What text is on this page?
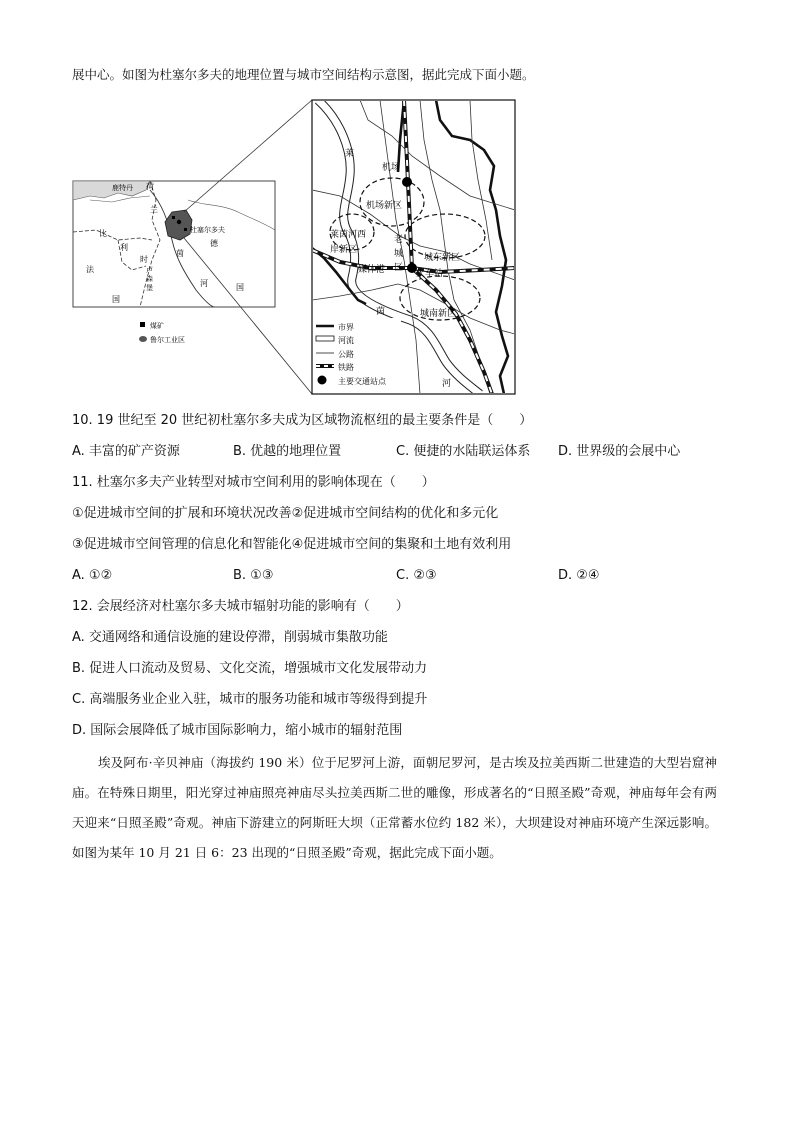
展中心。如图为杜塞尔多夫的地理位置与城市空间结构示意图，据此完成下面小题。
鹿特丹 荷
兰
比
利
时
法
国
卢
森
堡
杜塞尔多夫
德
茵
河	国
煤矿
鲁尔工业区
莱
机场
机场新区
莱茵河西
岸新区
老
城
区
媒体港	火车站
城东新区
城南新区
茵
河
市界
河流
公路
铁路
主要交通站点
10. 19 世纪至 20 世纪初杜塞尔多夫成为区域物流枢纽的最主要条件是（　　）
A. 丰富的矿产资源	B. 优越的地理位置	C. 便捷的水陆联运体系 D. 世界级的会展中心
11. 杜塞尔多夫产业转型对城市空间利用的影响体现在（　　）
①促进城市空间的扩展和环境状况改善②促进城市空间结构的优化和多元化
③促进城市空间管理的信息化和智能化④促进城市空间的集聚和土地有效利用
A. ①②	B. ①③	C. ②③	D. ②④
12. 会展经济对杜塞尔多夫城市辐射功能的影响有（　　）
A. 交通网络和通信设施的建设停滞，削弱城市集散功能
B. 促进人口流动及贸易、文化交流，增强城市文化发展带动力
C. 高端服务业企业入驻，城市的服务功能和城市等级得到提升
D. 国际会展降低了城市国际影响力，缩小城市的辐射范围
埃及阿布·辛贝神庙（海拔约 190 米）位于尼罗河上游，面朝尼罗河，是古埃及拉美西斯二世建造的大型岩窟神庙。在特殊日期里，阳光穿过神庙照亮神庙尽头拉美西斯二世的雕像，形成著名的“日照圣殿”奇观，神庙每年会有两天迎来“日照圣殿”奇观。神庙下游建立的阿斯旺大坝（正常蓄水位约 182 米），大坝建设对神庙环境产生深远影响。如图为某年 10 月 21 日 6：23 出现的“日照圣殿”奇观，据此完成下面小题。
